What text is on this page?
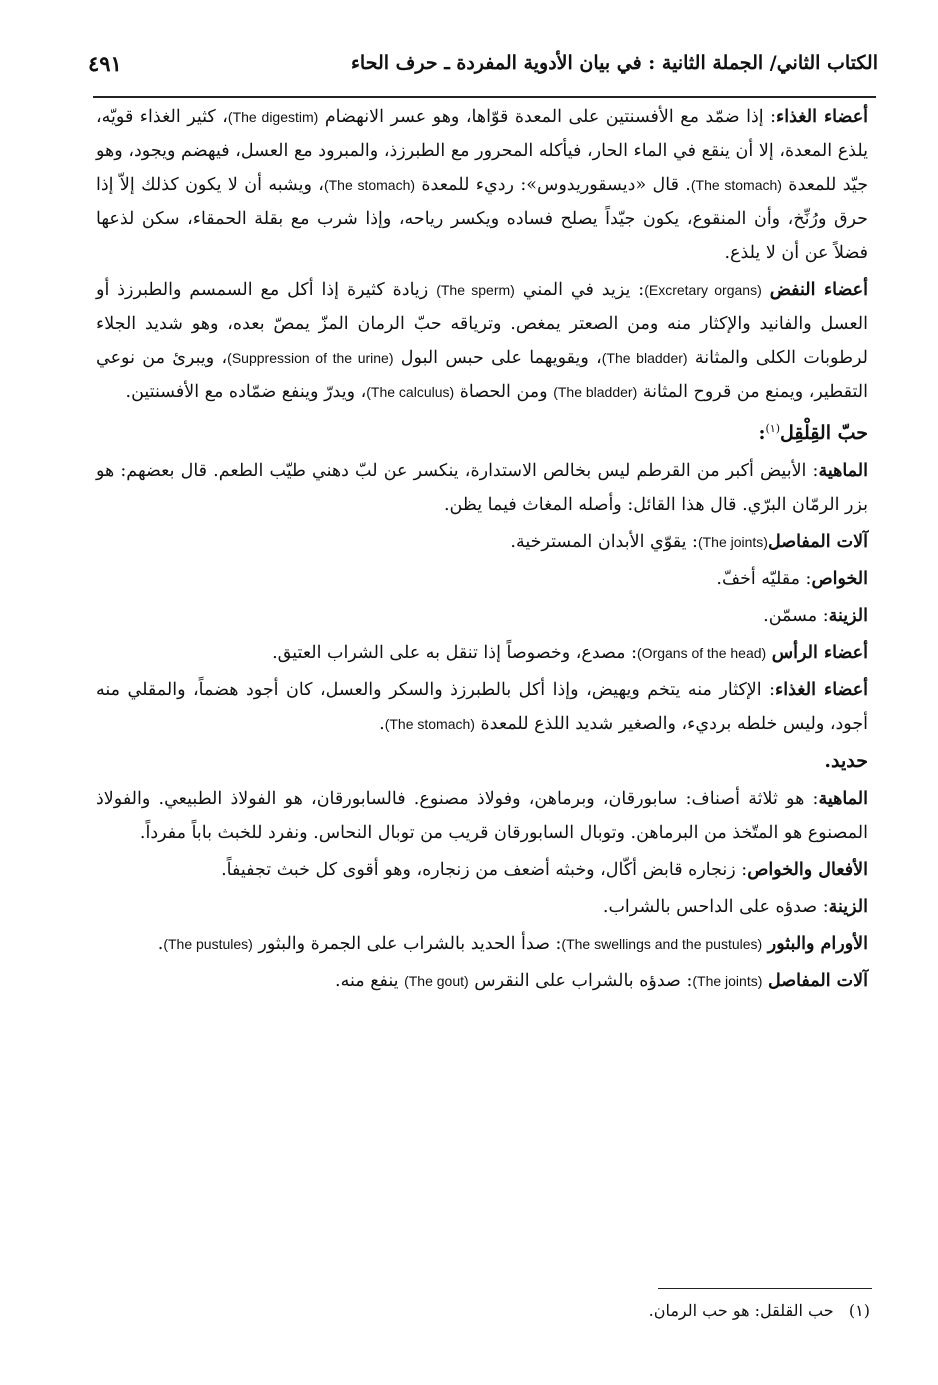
٤٩١	الكتاب الثاني/ الجملة الثانية : في بيان الأدوية المفردة ـ حرف الحاء

أعضاء الغذاء: إذا ضمّد مع الأفسنتين على المعدة قوّاها، وهو عسر الانهضام (The digestim)، كثير الغذاء قويّه، يلذع المعدة، إلا أن ينقع في الماء الحار، فيأكله المحرور مع الطبرزذ، والمبرود مع العسل، فيهضم ويجود، وهو جيّد للمعدة (The stomach). قال «ديسقوريدوس»: رديء للمعدة (The stomach)، ويشبه أن لا يكون كذلك إلاّ إذا حرق ورُنِّخ، وأن المنقوع، يكون جيّداً يصلح فساده ويكسر رياحه، وإذا شرب مع بقلة الحمقاء، سكن لذعها فضلاً عن أن لا يلذع.

أعضاء النفض (Excretary organs): يزيد في المني (The sperm) زيادة كثيرة إذا أكل مع السمسم والطبرزذ أو العسل والفانيد والإكثار منه ومن الصعتر يمغص. وترياقه حبّ الرمان المزّ يمصّ بعده، وهو شديد الجلاء لرطوبات الكلى والمثانة (The bladder)، ويقويهما على حبس البول (Suppression of the urine)، ويبرئ من نوعي التقطير، ويمنع من قروح المثانة (The bladder) ومن الحصاة (The calculus)، ويدرّ وينفع ضمّاده مع الأفسنتين.

حبّ القِلْقِل$^{(١)}$:

الماهية: الأبيض أكبر من القرطم ليس بخالص الاستدارة، ينكسر عن لبّ دهني طيّب الطعم. قال بعضهم: هو بزر الرمّان البرّي. قال هذا القائل: وأصله المغاث فيما يظن.

آلات المفاصل(The joints): يقوّي الأبدان المسترخية.

الخواص: مقليّه أخفّ.

الزينة: مسمّن.

أعضاء الرأس (Organs of the head): مصدع، وخصوصاً إذا تنقل به على الشراب العتيق.

أعضاء الغذاء: الإكثار منه يتخم ويهيض، وإذا أكل بالطبرزذ والسكر والعسل، كان أجود هضماً، والمقلي منه أجود، وليس خلطه برديء، والصغير شديد اللذع للمعدة (The stomach).

حديد.

الماهية: هو ثلاثة أصناف: سابورقان، وبرماهن، وفولاذ مصنوع. فالسابورقان، هو الفولاذ الطبيعي. والفولاذ المصنوع هو المتّخذ من البرماهن. وتوبال السابورقان قريب من توبال النحاس. ونفرد للخبث باباً مفرداً.

الأفعال والخواص: زنجاره قابض أكّال، وخبثه أضعف من زنجاره، وهو أقوى كل خبث تجفيفاً.

الزينة: صدؤه على الداحس بالشراب.

الأورام والبثور (The swellings and the pustules): صدأ الحديد بالشراب على الجمرة والبثور (The pustules).

آلات المفاصل (The joints): صدؤه بالشراب على النقرس (The gout) ينفع منه.

(١)   حب القلقل: هو حب الرمان.
